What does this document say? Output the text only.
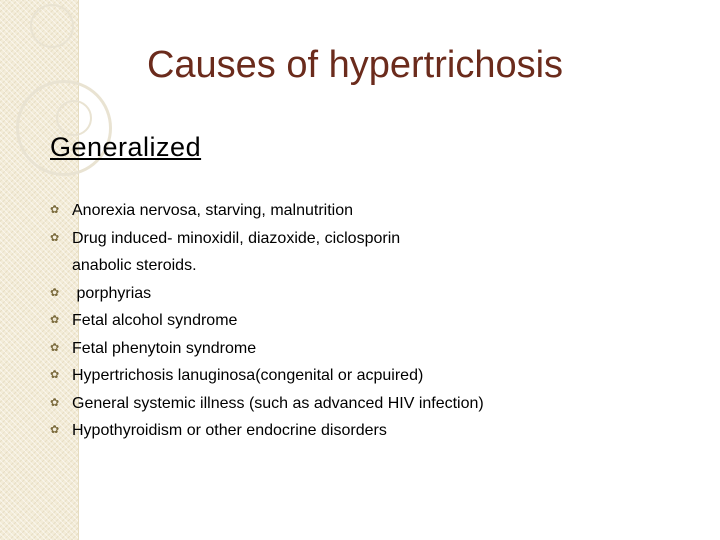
Causes of hypertrichosis
Generalized
✿ Anorexia nervosa, starving, malnutrition
✿ Drug induced- minoxidil, diazoxide, ciclosporin
anabolic steroids.
✿ porphyrias
✿ Fetal alcohol syndrome
✿ Fetal phenytoin syndrome
✿ Hypertrichosis lanuginosa(congenital or acpuired)
✿ General systemic illness (such as advanced HIV infection)
✿ Hypothyroidism or other endocrine disorders
